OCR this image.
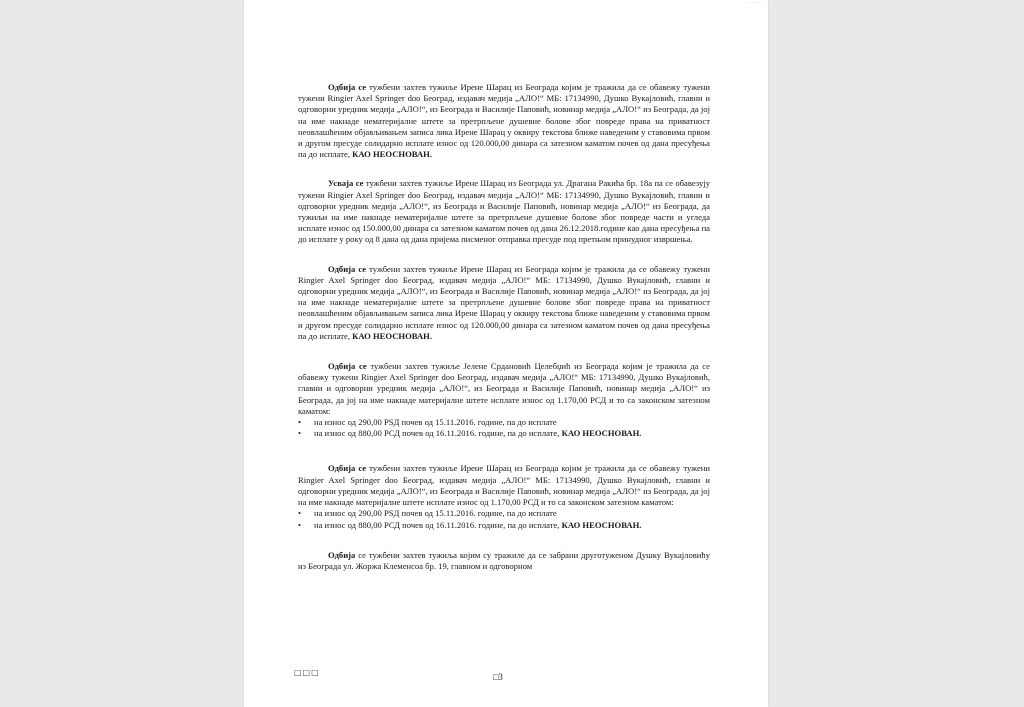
········

Одбија се тужбени захтев тужиље Ирене Шарац из Београда којим је тражила да се обавежу тужени тужени Ringier Axel Springer doo Београд, издавач медија „АЛО!“ МБ: 17134990, Душко Вукајловић, главни и одговорни уредник медија „АЛО!“, из Београда и Василије Паповић, новинар медија „АЛО!“ из Београда, да јој на име накнаде нематеријалне штете за претрпљене душевне болове због повреде права на приватност неовлашћеним објављивањем записа лика Ирене Шарац у оквиру текстова ближе наведеним у ставовима првом и другом пресуде солидарно исплате износ од 120.000,00 динара са затезном каматом почев од дана пресуђења па до исплате, КАО НЕОСНОВАН.

Усваја се тужбени захтев тужиље Ирене Шарац из Београда ул. Драгана Ракића бр. 18а па се обавезују тужени Ringier Axel Springer doo Београд, издавач медија „АЛО!“ МБ: 17134990, Душко Вукајловић, главни и одговорни уредник медија „АЛО!“, из Београда и Василије Паповић, новинар медија „АЛО!“ из Београда, да тужиљи на име накнаде нематеријалне штете за претрпљене душевне болове због повреде части и угледа исплате износ од 150.000,00 динара са затезном каматом почев од дана 26.12.2018.године као дана пресуђења па до исплате у року од 8 дана од дана пријема писменог отправка пресуде под претњом принудног извршења.

Одбија се тужбени захтев тужиље Ирене Шарац из Београда којим је тражила да се обавежу тужени Ringier Axel Springer doo Београд, издавач медија „АЛО!“ МБ: 17134990, Душко Вукајловић, главни и одговорни уредник медија „АЛО!“, из Београда и Василије Паповић, новинар медија „АЛО!“ из Београда, да јој на име накнаде нематеријалне штете за претрпљене душевне болове због повреде права на приватност неовлашћеним објављивањем записа лика Ирене Шарац у оквиру текстова ближе наведеним у ставовима првом и другом пресуде солидарно исплате износ од 120.000,00 динара са затезном каматом почев од дана пресуђења па до исплате, КАО НЕОСНОВАН.

Одбија се тужбени захтев тужиље Јелене Срдановић Целебџић из Београда којим је тражила да се обавежу тужени Ringier Axel Springer doo Београд, издавач медија „АЛО!“ МБ: 17134990, Душко Вукајловић, главни и одговорни уредник медија „АЛО!“, из Београда и Василије Паповић, новинар медија „АЛО!“ из Београда, да јој на име накнаде материјалне штете исплате износ од 1.170,00 РСД и то са законском затезном каматом:

•	на износ од 290,00 РЅД почев од 15.11.2016. године, па до исплате
•	на износ од 880,00 РСД почев од 16.11.2016. године, па до исплате, КАО НЕОСНОВАН.

Одбија се тужбени захтев тужиље Ирене Шарац из Београда којим је тражила да се обавежу тужени Ringier Axel Springer doo Београд, издавач медија „АЛО!“ МБ: 17134990, Душко Вукајловић, главни и одговорни уредник медија „АЛО!“, из Београда и Василије Паповић, новинар медија „АЛО!“ из Београда, да јој на име накнаде материјалне штете исплате износ од 1.170,00 РСД и то са законском затезном каматом:

•	на износ од 290,00 РЅД почев од 15.11.2016. године, па до исплате
•	на износ од 880,00 РСД почев од 16.11.2016. године, па до исплате, КАО НЕОСНОВАН.

Одбија се тужбени захтев тужиља којим су тражиле да се забрани друготуженом Душку Вукајловићу из Београда ул. Жоржа Клеменсоа бр. 19, главном и одговорном

□□□	□3
